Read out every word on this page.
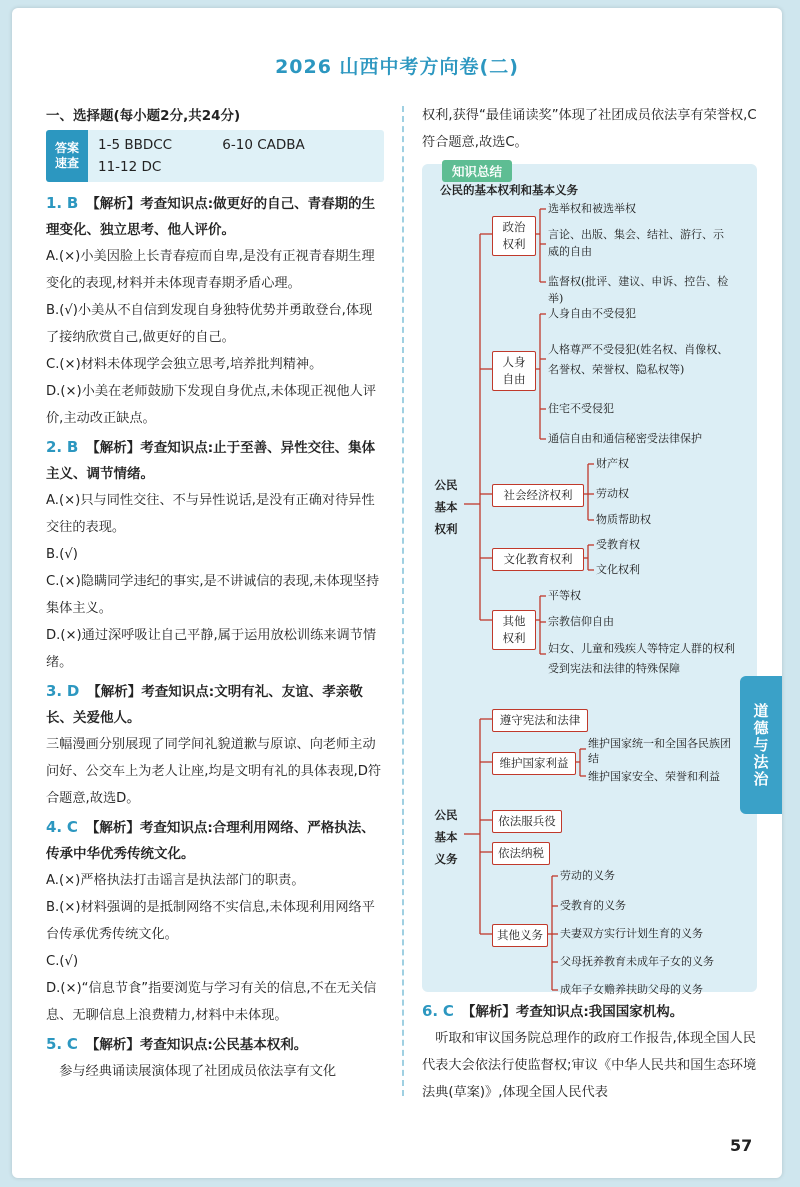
2026 山西中考方向卷(二)
一、选择题(每小题2分,共24分)
答案速查
1-5 BBDCC	6-10 CADBA
11-12 DC
1. B 【解析】考查知识点:做更好的自己、青春期的生理变化、独立思考、他人评价。
A.(×)小美因脸上长青春痘而自卑,是没有正视青春期生理变化的表现,材料并未体现青春期矛盾心理。
B.(√)小美从不自信到发现自身独特优势并勇敢登台,体现了接纳欣赏自己,做更好的自己。
C.(×)材料未体现学会独立思考,培养批判精神。
D.(×)小美在老师鼓励下发现自身优点,未体现正视他人评价,主动改正缺点。
2. B 【解析】考查知识点:止于至善、异性交往、集体主义、调节情绪。
A.(×)只与同性交往、不与异性说话,是没有正确对待异性交往的表现。
B.(√)
C.(×)隐瞒同学违纪的事实,是不讲诚信的表现,未体现坚持集体主义。
D.(×)通过深呼吸让自己平静,属于运用放松训练来调节情绪。
3. D 【解析】考查知识点:文明有礼、友谊、孝亲敬长、关爱他人。
三幅漫画分别展现了同学间礼貌道歉与原谅、向老师主动问好、公交车上为老人让座,均是文明有礼的具体表现,D符合题意,故选D。
4. C 【解析】考查知识点:合理利用网络、严格执法、传承中华优秀传统文化。
A.(×)严格执法打击谣言是执法部门的职责。
B.(×)材料强调的是抵制网络不实信息,未体现利用网络平台传承优秀传统文化。
C.(√)
D.(×)“信息节食”指要浏览与学习有关的信息,不在无关信息、无聊信息上浪费精力,材料中未体现。
5. C 【解析】考查知识点:公民基本权利。
参与经典诵读展演体现了社团成员依法享有文化
权利,获得“最佳诵读奖”体现了社团成员依法享有荣誉权,C符合题意,故选C。
知识总结
公民的基本权利和基本义务
公民基本权利
政治权利
选举权和被选举权
言论、出版、集会、结社、游行、示威的自由
监督权(批评、建议、申诉、控告、检举)
人身自由
人身自由不受侵犯
人格尊严不受侵犯(姓名权、肖像权、名誉权、荣誉权、隐私权等)
住宅不受侵犯
通信自由和通信秘密受法律保护
社会经济权利
财产权
劳动权
物质帮助权
文化教育权利
受教育权
文化权利
其他权利
平等权
宗教信仰自由
妇女、儿童和残疾人等特定人群的权利受到宪法和法律的特殊保障
公民基本义务
遵守宪法和法律
维护国家利益
维护国家统一和全国各民族团结
维护国家安全、荣誉和利益
依法服兵役
依法纳税
其他义务
劳动的义务
受教育的义务
夫妻双方实行计划生育的义务
父母抚养教育未成年子女的义务
成年子女赡养扶助父母的义务
6. C 【解析】考查知识点:我国国家机构。
听取和审议国务院总理作的政府工作报告,体现全国人民代表大会依法行使监督权;审议《中华人民共和国生态环境法典(草案)》,体现全国人民代表
57
道德与法治
